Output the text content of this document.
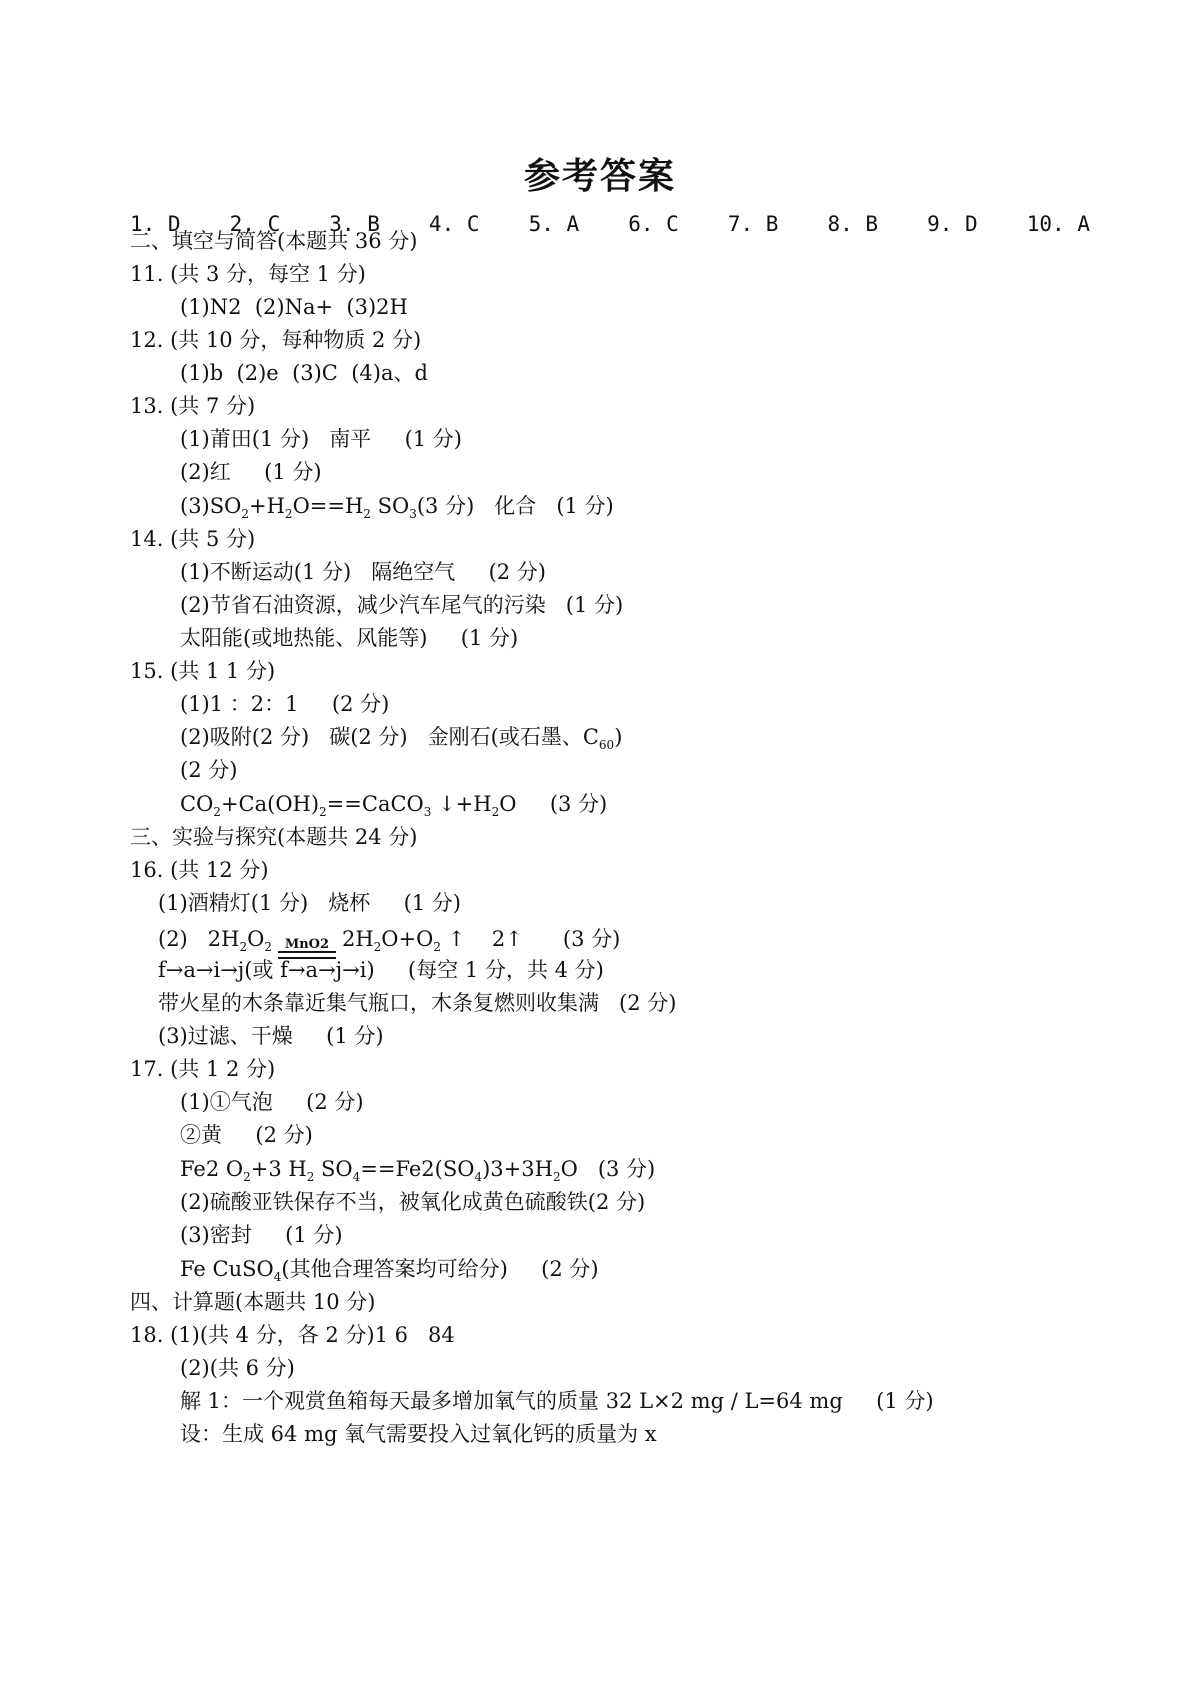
参考答案
1. D 2. C 3. B 4. C 5. A 6. C 7. B 8. B 9. D 10. A
二、填空与简答(本题共 36 分)
11. (共 3 分，每空 1 分)
(1)N2  (2)Na+  (3)2H
12. (共 10 分，每种物质 2 分)
(1)b  (2)e  (3)C  (4)a、d
13. (共 7 分)
(1)莆田(1 分)   南平     (1 分)
(2)红     (1 分)
$(3)SO_2+H_2O==H_2$ $SO_3(3$ 分)   化合   (1 分)
14. (共 5 分)
(1)不断运动(1 分)   隔绝空气     (2 分)
(2)节省石油资源，减少汽车尾气的污染   (1 分)
太阳能(或地热能、风能等)     (1 分)
15. (共 1 1 分)
(1)1 ：2：1     (2 分)
(2)吸附(2 分)   碳(2 分)   金刚石(或石墨、$C_{60}$)
(2 分)
$CO_2+Ca(OH)_2==CaCO_3$ $↓+H_2O$     (3 分)
三、实验与探究(本题共 24 分)
16. (共 12 分)
(1)酒精灯(1 分)   烧杯     (1 分)
(2)   $2H_2O_2$ MnO2 $2H_2O+O_2$ ↑    2↑      (3 分)
f→a→i→j(或 f→a→j→i)     (每空 1 分，共 4 分)
带火星的木条靠近集气瓶口，木条复燃则收集满   (2 分)
(3)过滤、干燥     (1 分)
17. (共 1 2 分)
(1)①气泡     (2 分)
②黄     (2 分)
Fe2 $O_2+3$ $H_2$ $SO_4==Fe2(SO_4)3+3H_2O$   (3 分)
(2)硫酸亚铁保存不当，被氧化成黄色硫酸铁(2 分)
(3)密封     (1 分)
Fe CuSO$_4$(其他合理答案均可给分)     (2 分)
四、计算题(本题共 10 分)
18. (1)(共 4 分，各 2 分)1 6   84
(2)(共 6 分)
解 1：一个观赏鱼箱每天最多增加氧气的质量 32 L×2 mg / L=64 mg     (1 分)
设：生成 64 mg 氧气需要投入过氧化钙的质量为 x
